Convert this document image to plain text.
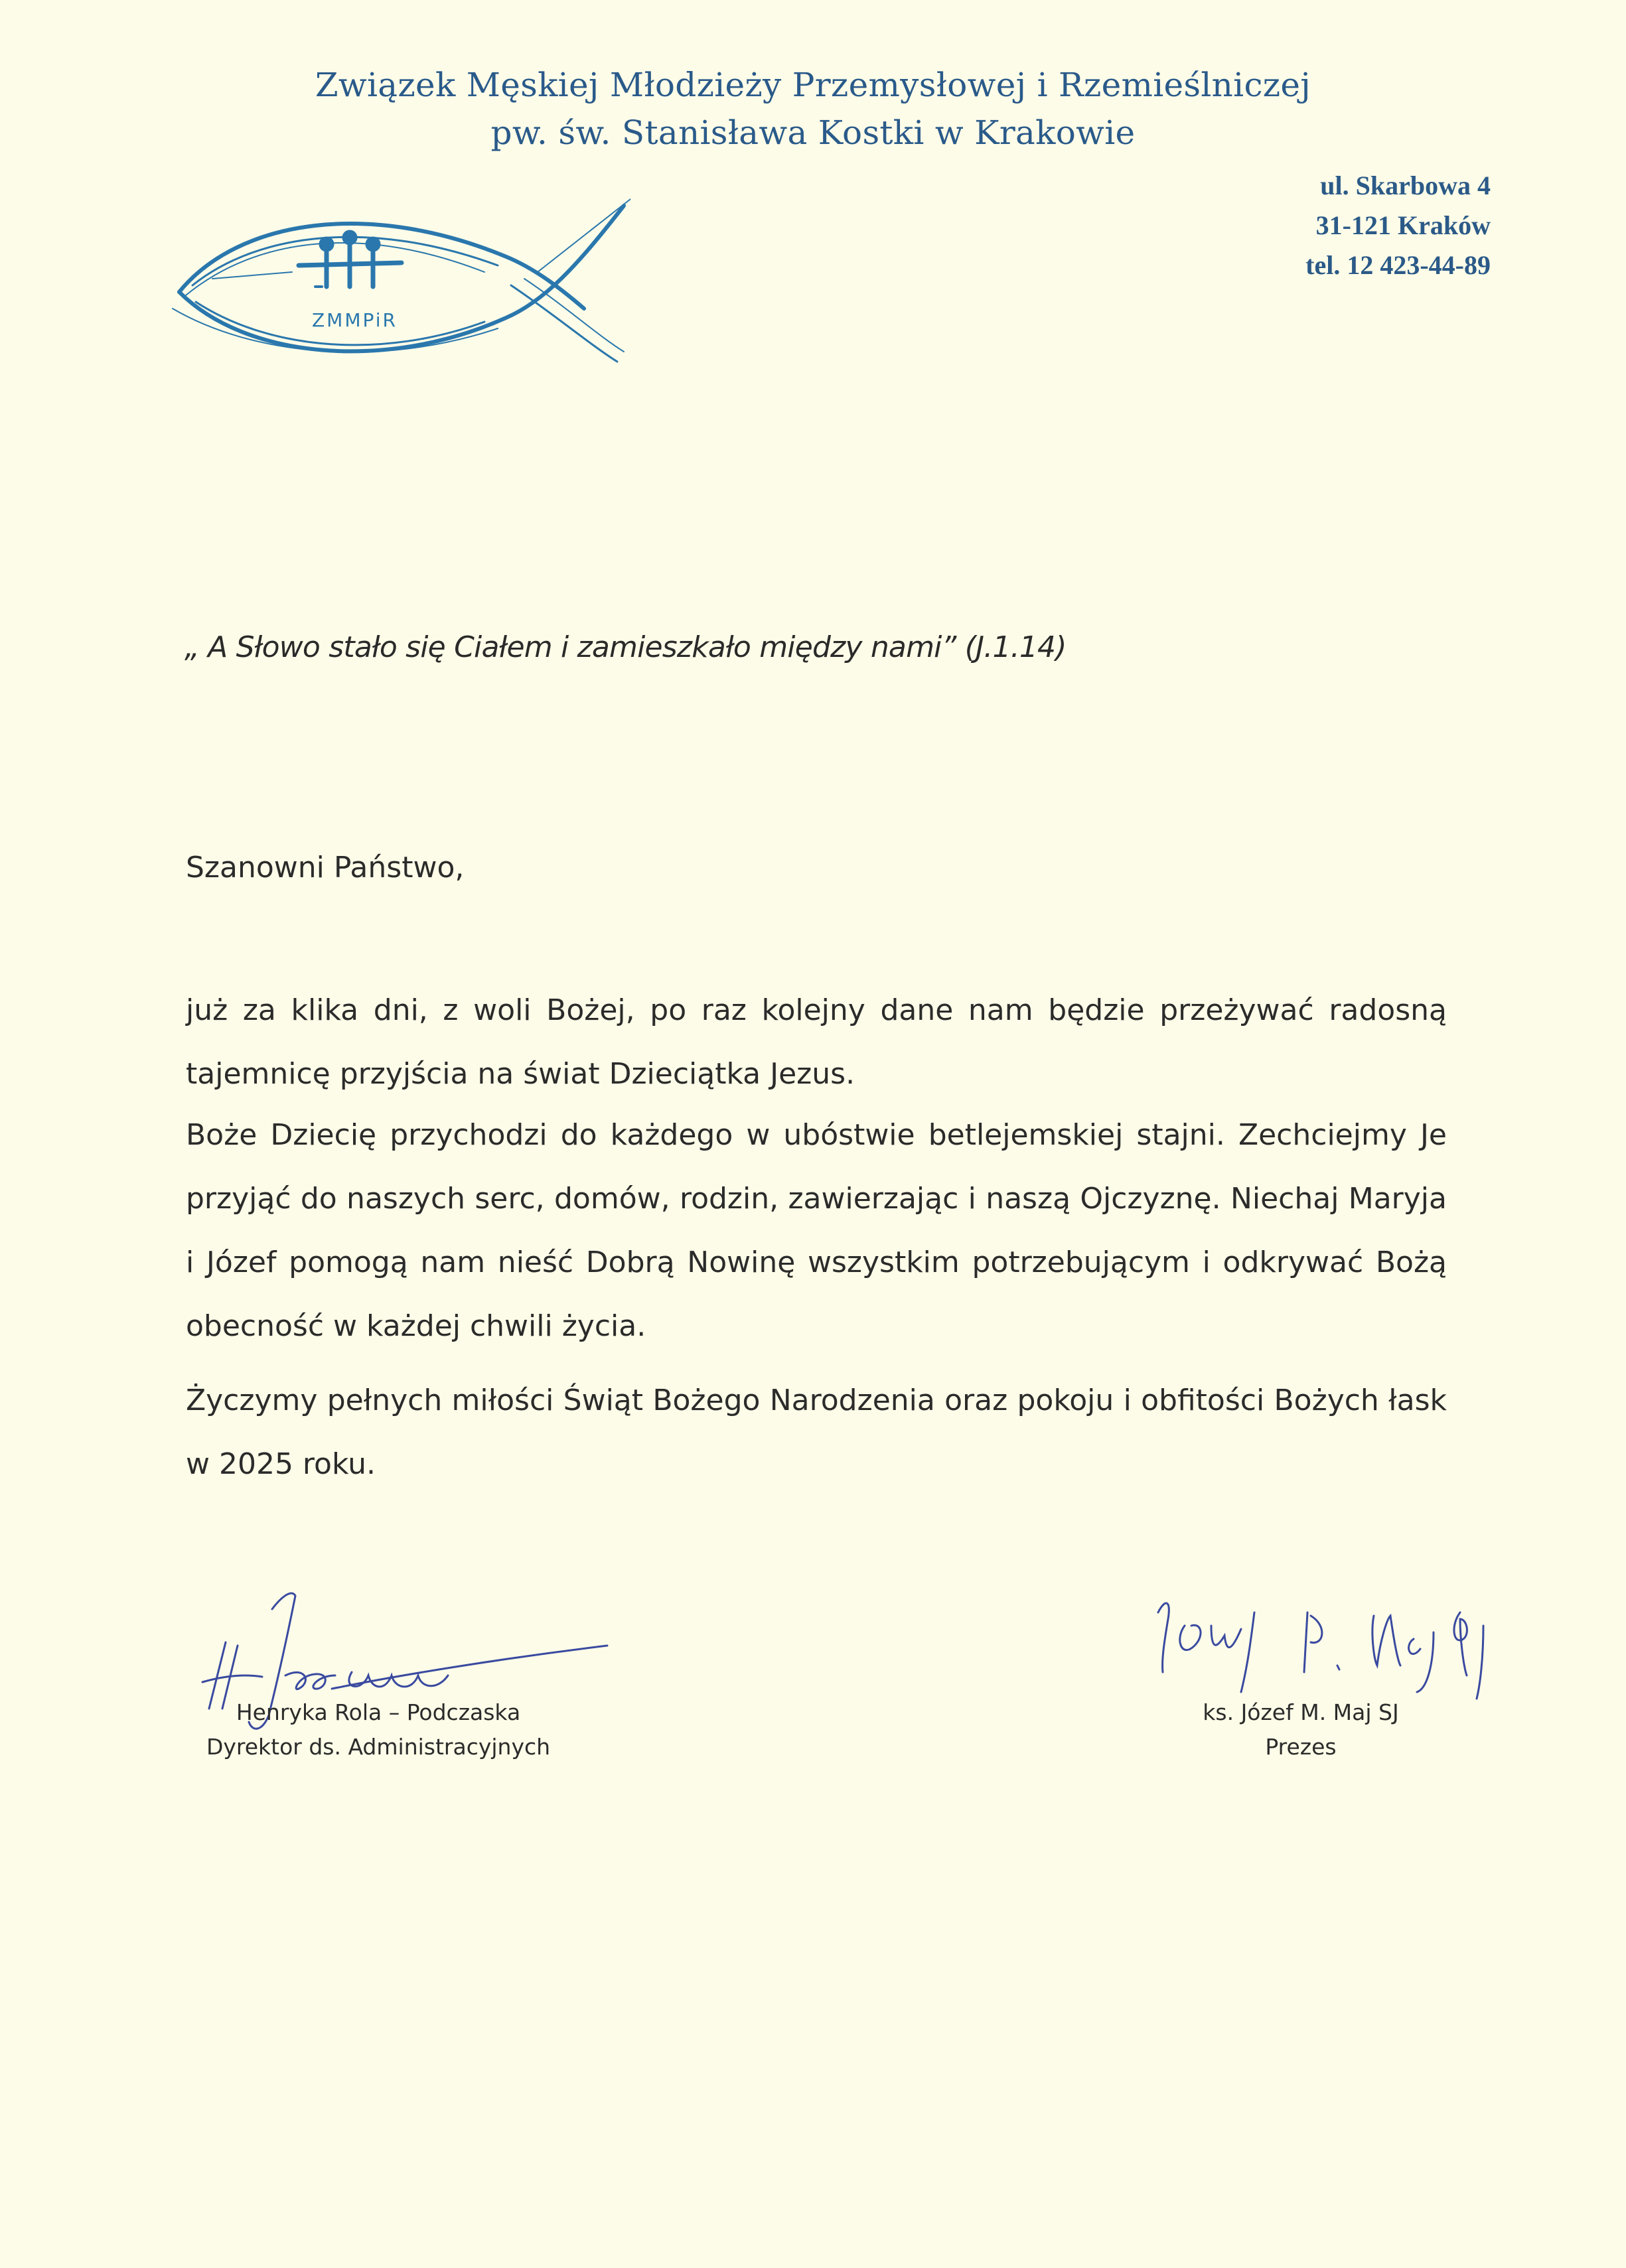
Związek Męskiej Młodzieży Przemysłowej i Rzemieślniczej
pw. św. Stanisława Kostki w Krakowie
ul. Skarbowa 4
31-121 Kraków
tel. 12 423-44-89
ZMMPiR
„ A Słowo stało się Ciałem i zamieszkało między nami” (J.1.14)
Szanowni Państwo,
już za klika dni, z woli Bożej, po raz kolejny dane nam będzie przeżywać radosną tajemnicę przyjścia na świat Dzieciątka Jezus.
Boże Dziecię przychodzi do każdego w ubóstwie betlejemskiej stajni. Zechciejmy Je przyjąć do naszych serc, domów, rodzin, zawierzając i naszą Ojczyznę. Niechaj Maryja i Józef pomogą nam nieść Dobrą Nowinę wszystkim potrzebującym i odkrywać Bożą obecność w każdej chwili życia.
Życzymy pełnych miłości Świąt Bożego Narodzenia oraz pokoju i obfitości Bożych łask w 2025 roku.
Henryka Rola – Podczaska
Dyrektor ds. Administracyjnych
ks. Józef M. Maj SJ
Prezes
